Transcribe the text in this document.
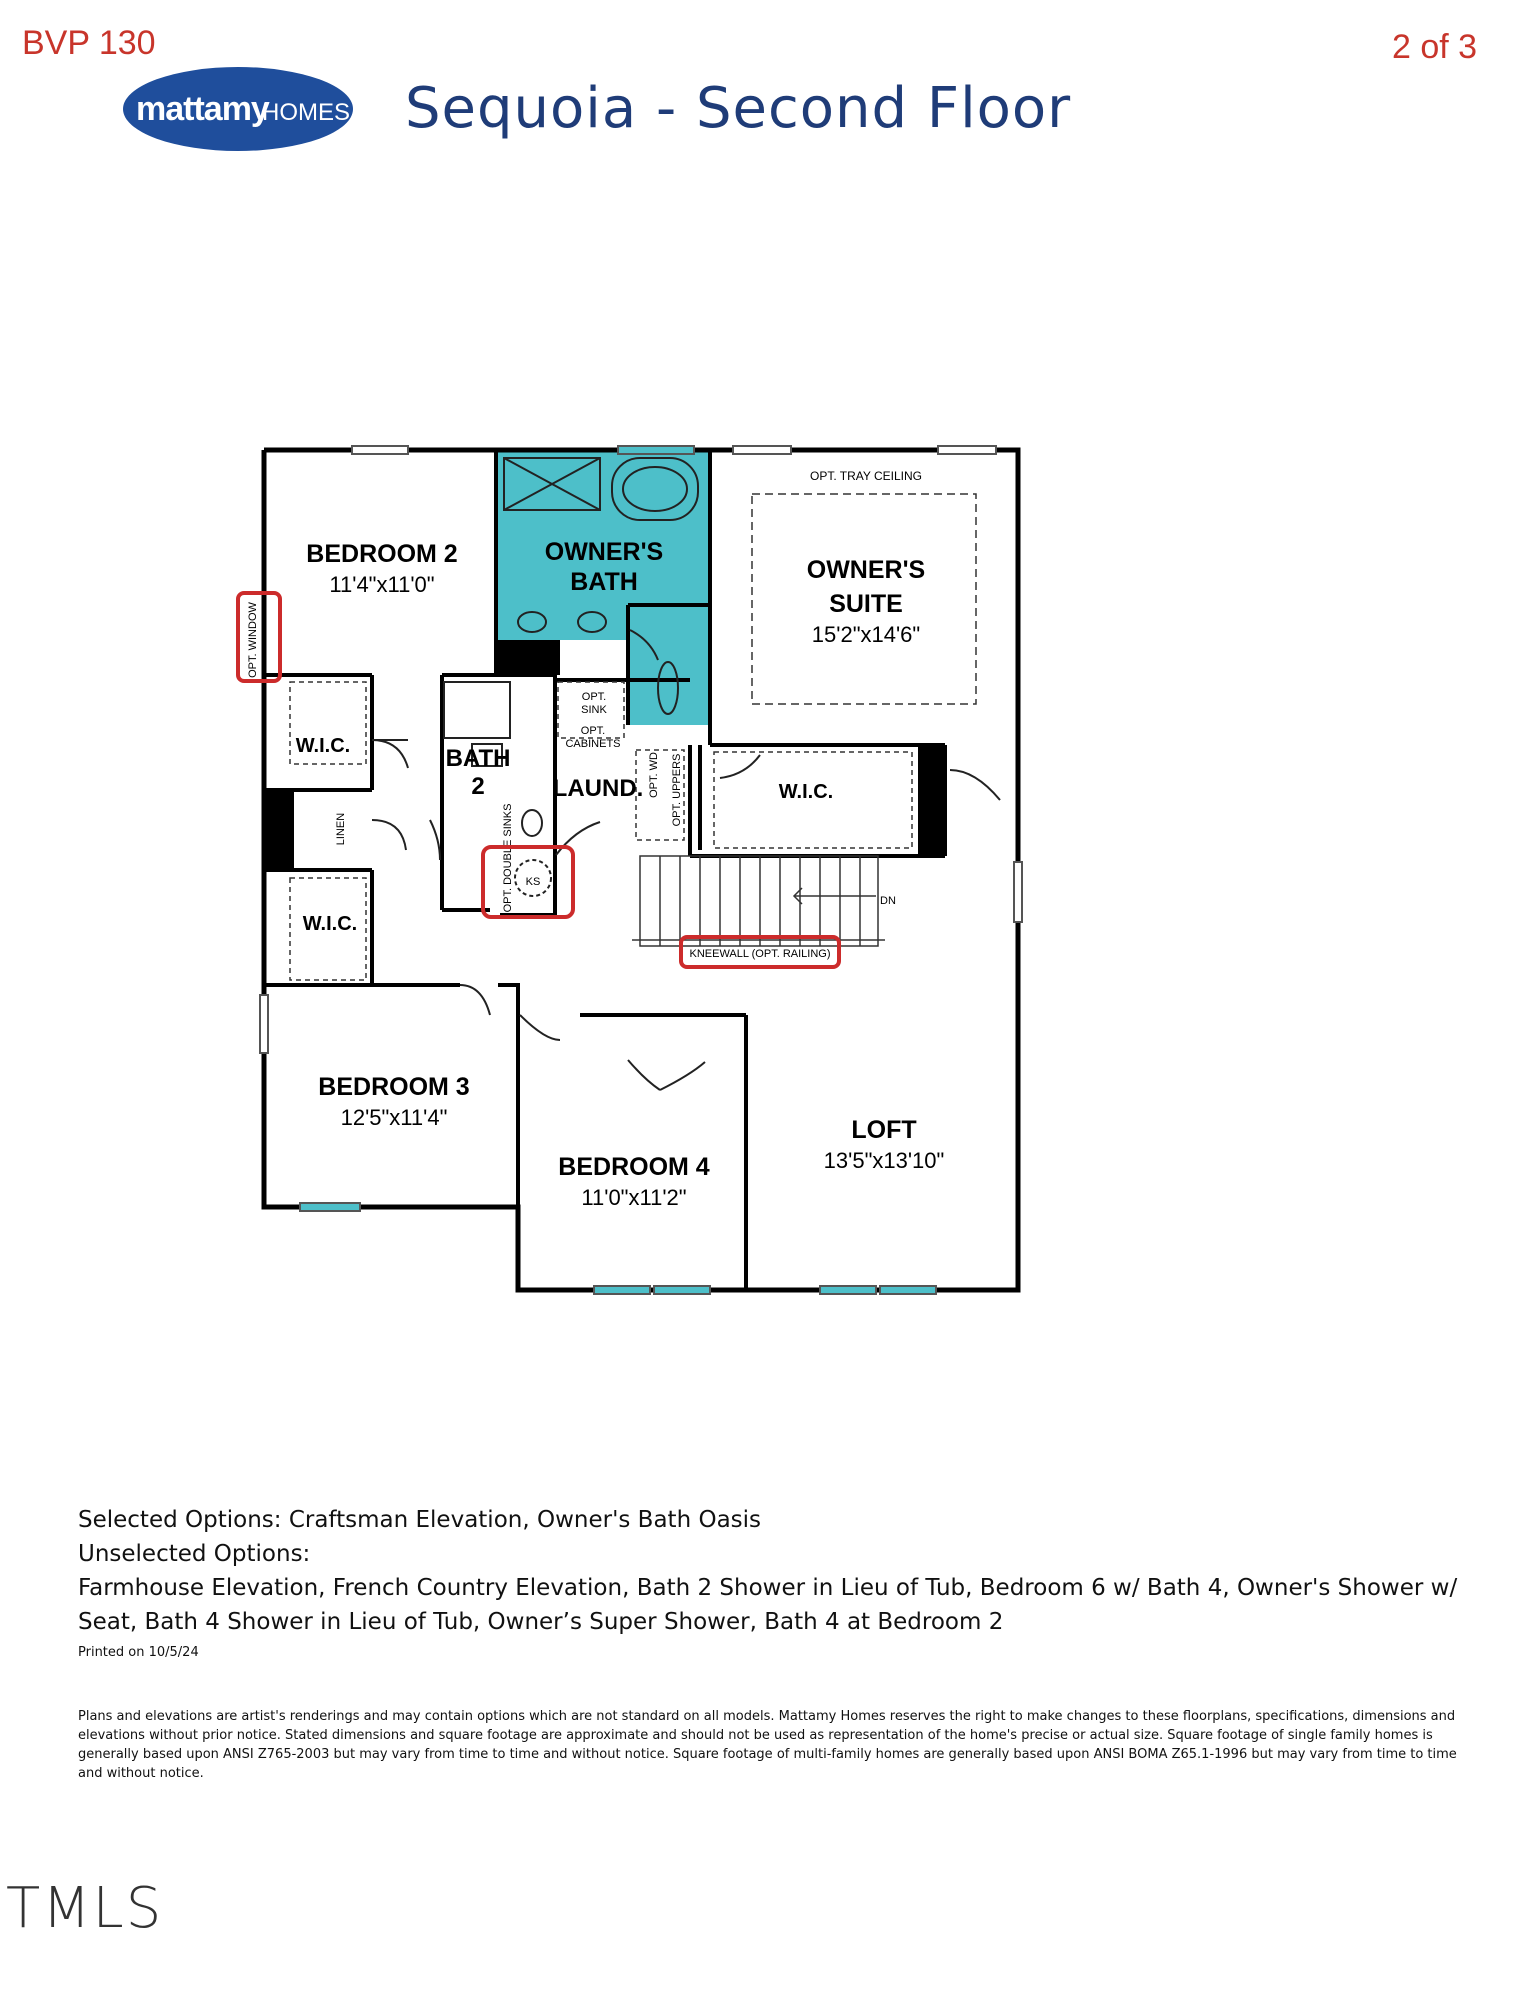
BVP 130	2 of 3
mattamy
HOMES Sequoia - Second Floor
BEDROOM 2
11'4"x11'0"
OWNER'S
BATH	OWNER'S
SUITE
15'2"x14'6"
W.I.C.	BATH
2	LAUND.	W.I.C.
W.I.C.
BEDROOM 3
12'5"x11'4"
BEDROOM 4
11'0"x11'2"
LOFT
13'5"x13'10"
OPT. TRAY CEILING
OPT.
SINK
OPT.
CABINETS
KS
DN
KNEEWALL (OPT. RAILING)
OPT. WINDOW
OPT. WD OPT. UPPERS
LINEN	OPT. DOUBLE SINKS
Selected Options: Craftsman Elevation, Owner's Bath Oasis
Unselected Options:
Farmhouse Elevation, French Country Elevation, Bath 2 Shower in Lieu of Tub, Bedroom 6 w/ Bath 4, Owner's Shower w/
Seat, Bath 4 Shower in Lieu of Tub, Owner’s Super Shower, Bath 4 at Bedroom 2
Printed on 10/5/24
Plans and elevations are artist's renderings and may contain options which are not standard on all models. Mattamy Homes reserves the right to make changes to these floorplans, specifications, dimensions and elevations without prior notice. Stated dimensions and square footage are approximate and should not be used as representation of the home's precise or actual size. Square footage of single family homes is generally based upon ANSI Z765-2003 but may vary from time to time and without notice. Square footage of multi-family homes are generally based upon ANSI BOMA Z65.1-1996 but may vary from time to time and without notice.
TMLS
